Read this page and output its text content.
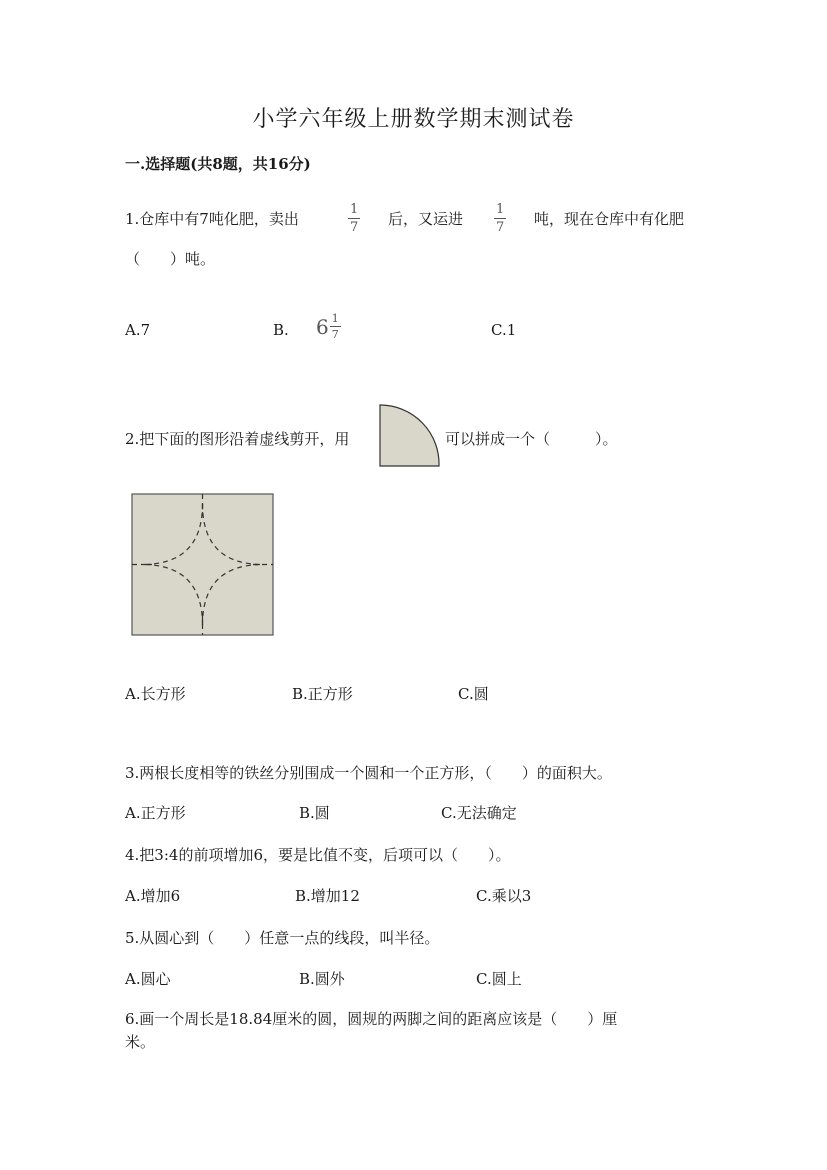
小学六年级上册数学期末测试卷
一.选择题(共8题，共16分)
1.仓库中有7吨化肥，卖出
1
7 后，又运进
1
7 吨，现在仓库中有化肥
（　　）吨。
A.7	B. $6 \frac{1}{7}$	C.1
2.把下面的图形沿着虚线剪开，用	可以拼成一个（　　　）。
A.长方形	B.正方形	C.圆
3.两根长度相等的铁丝分别围成一个圆和一个正方形，（　　）的面积大。
A.正方形	B.圆	C.无法确定
4.把3:4的前项增加6，要是比值不变，后项可以（　　）。
A.增加6	B.增加12	C.乘以3
5.从圆心到（　　）任意一点的线段，叫半径。
A.圆心	B.圆外	C.圆上
6.画一个周长是18.84厘米的圆，圆规的两脚之间的距离应该是（　　）厘
米。
